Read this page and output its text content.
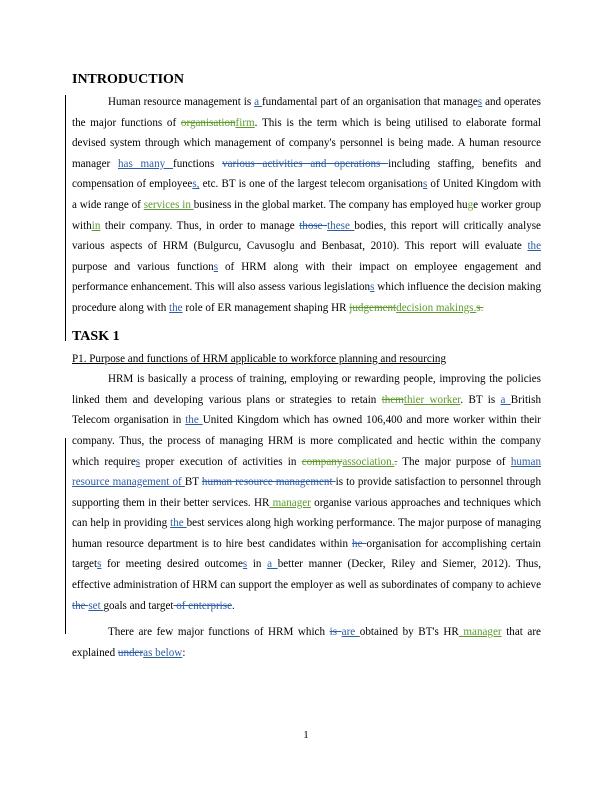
INTRODUCTION

Human resource management is a fundamental part of an organisation that manages and operates the major functions of organisationfirm. This is the term which is being utilised to elaborate formal devised system through which management of company's personnel is being made. A human resource manager has many functions various activities and operations including staffing, benefits and compensation of employees, etc. BT is one of the largest telecom organisations of United Kingdom with a wide range of services in business in the global market. The company has employed huge worker group within their company. Thus, in order to manage those these bodies, this report will critically analyse various aspects of HRM (Bulgurcu, Cavusoglu and Benbasat, 2010). This report will evaluate the purpose and various functions of HRM along with their impact on employee engagement and performance enhancement. This will also assess various legislations which influence the decision making procedure along with the role of ER management shaping HR judgementdecision makings.s.

TASK 1

P1. Purpose and functions of HRM applicable to workforce planning and resourcing

HRM is basically a process of training, employing or rewarding people, improving the policies linked them and developing various plans or strategies to retain themthier worker. BT is a British Telecom organisation in the United Kingdom which has owned 106,400 and more worker within their company. Thus, the process of managing HRM is more complicated and hectic within the company which requires proper execution of activities in companyassociation.. The major purpose of human resource management of BT human resource management is to provide satisfaction to personnel through supporting them in their better services. HR manager organise various approaches and techniques which can help in providing the best services along high working performance. The major purpose of managing human resource department is to hire best candidates within he organisation for accomplishing certain targets for meeting desired outcomes in a better manner (Decker, Riley and Siemer, 2012). Thus, effective administration of HRM can support the employer as well as subordinates of company to achieve the set goals and target of enterprise.

There are few major functions of HRM which is are obtained by BT's HR manager that are explained underas below:

1
